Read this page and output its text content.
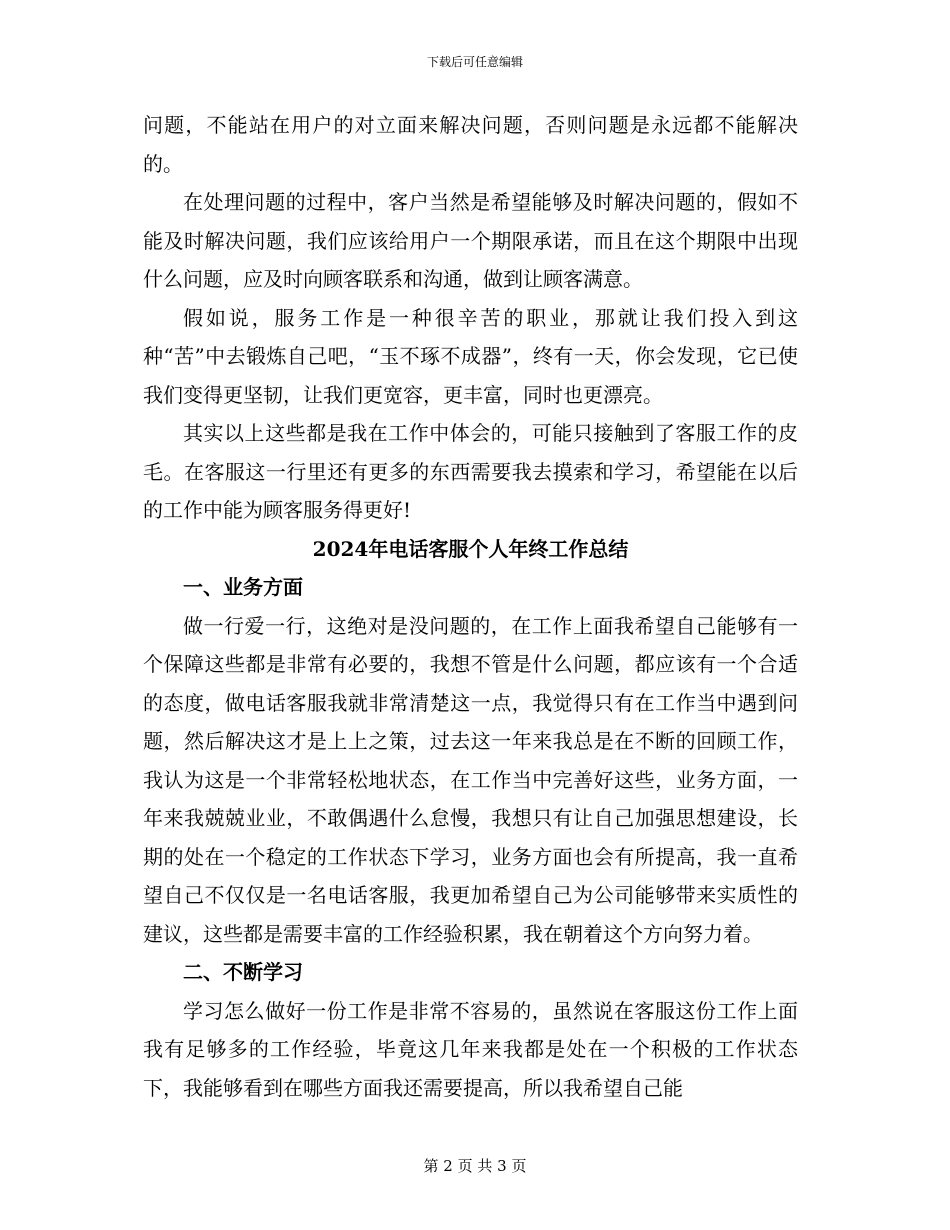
下载后可任意编辑

问题，不能站在用户的对立面来解决问题，否则问题是永远都不能解决的。

在处理问题的过程中，客户当然是希望能够及时解决问题的，假如不能及时解决问题，我们应该给用户一个期限承诺，而且在这个期限中出现什么问题，应及时向顾客联系和沟通，做到让顾客满意。

假如说，服务工作是一种很辛苦的职业，那就让我们投入到这种“苦”中去锻炼自己吧，“玉不琢不成器”，终有一天，你会发现，它已使我们变得更坚韧，让我们更宽容，更丰富，同时也更漂亮。

其实以上这些都是我在工作中体会的，可能只接触到了客服工作的皮毛。在客服这一行里还有更多的东西需要我去摸索和学习，希望能在以后的工作中能为顾客服务得更好!

2024年电话客服个人年终工作总结
一、业务方面

做一行爱一行，这绝对是没问题的，在工作上面我希望自己能够有一个保障这些都是非常有必要的，我想不管是什么问题，都应该有一个合适的态度，做电话客服我就非常清楚这一点，我觉得只有在工作当中遇到问题，然后解决这才是上上之策，过去这一年来我总是在不断的回顾工作，我认为这是一个非常轻松地状态，在工作当中完善好这些，业务方面，一年来我兢兢业业，不敢偶遇什么怠慢，我想只有让自己加强思想建设，长期的处在一个稳定的工作状态下学习，业务方面也会有所提高，我一直希望自己不仅仅是一名电话客服，我更加希望自己为公司能够带来实质性的建议，这些都是需要丰富的工作经验积累，我在朝着这个方向努力着。

二、不断学习

学习怎么做好一份工作是非常不容易的，虽然说在客服这份工作上面我有足够多的工作经验，毕竟这几年来我都是处在一个积极的工作状态下，我能够看到在哪些方面我还需要提高，所以我希望自己能

第 2 页 共 3 页
